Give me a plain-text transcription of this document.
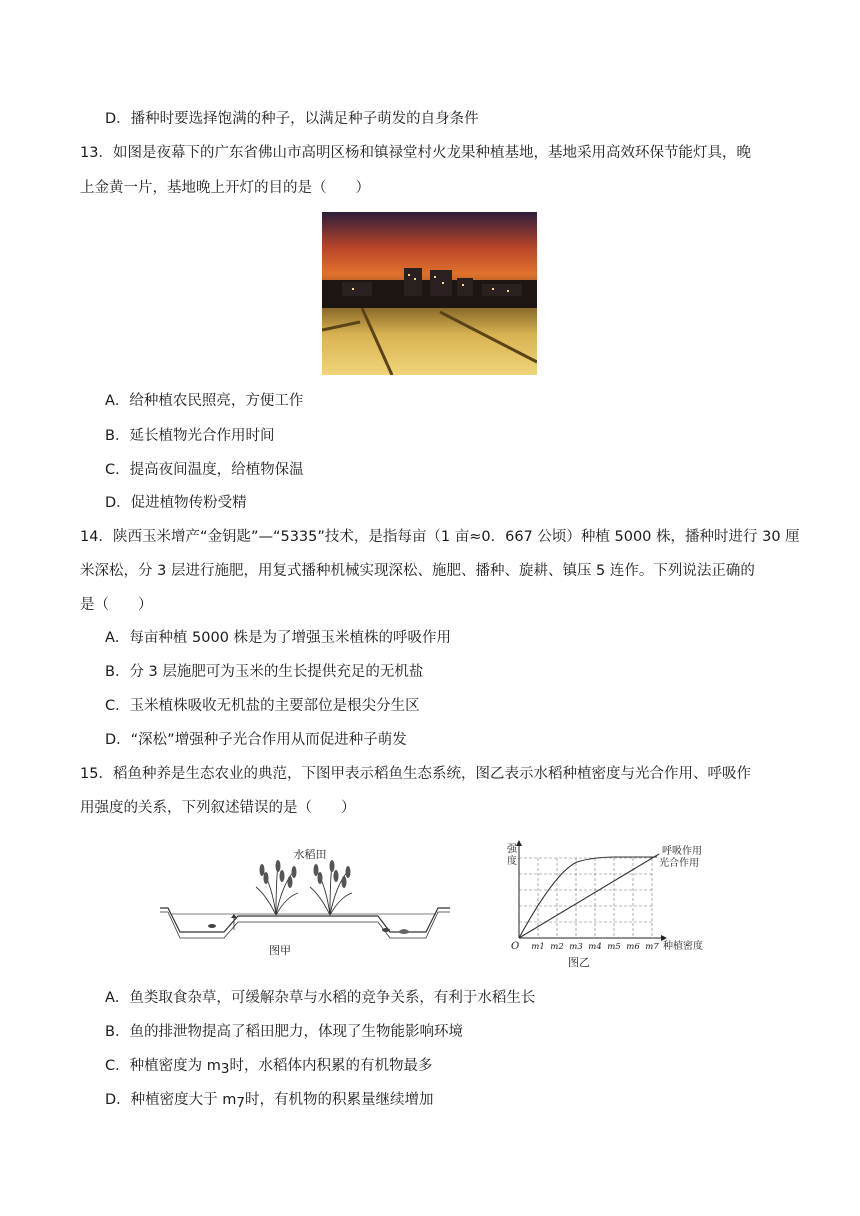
D．播种时要选择饱满的种子，以满足种子萌发的自身条件
13．如图是夜幕下的广东省佛山市高明区杨和镇禄堂村火龙果种植基地，基地采用高效环保节能灯具，晚
上金黄一片，基地晚上开灯的目的是（　　）
A．给种植农民照亮，方便工作
B．延长植物光合作用时间
C．提高夜间温度，给植物保温
D．促进植物传粉受精
14．陕西玉米增产“金钥匙”—“5335”技术，是指每亩（1 亩≈0．667 公顷）种植 5000 株，播种时进行 30 厘
米深松，分 3 层进行施肥，用复式播种机械实现深松、施肥、播种、旋耕、镇压 5 连作。下列说法正确的
是（　　）
A．每亩种植 5000 株是为了增强玉米植株的呼吸作用
B．分 3 层施肥可为玉米的生长提供充足的无机盐
C．玉米植株吸收无机盐的主要部位是根尖分生区
D．“深松”增强种子光合作用从而促进种子萌发
15．稻鱼种养是生态农业的典范，下图甲表示稻鱼生态系统，图乙表示水稻种植密度与光合作用、呼吸作
用强度的关系，下列叙述错误的是（　　）
水稻田
图甲
强
度
O
呼吸作用
光合作用
m1 m2 m3 m4 m5 m6 m7 种植密度
图乙
A．鱼类取食杂草，可缓解杂草与水稻的竞争关系，有利于水稻生长
B．鱼的排泄物提高了稻田肥力，体现了生物能影响环境
C．种植密度为 m3时，水稻体内积累的有机物最多
D．种植密度大于 m7时，有机物的积累量继续增加
